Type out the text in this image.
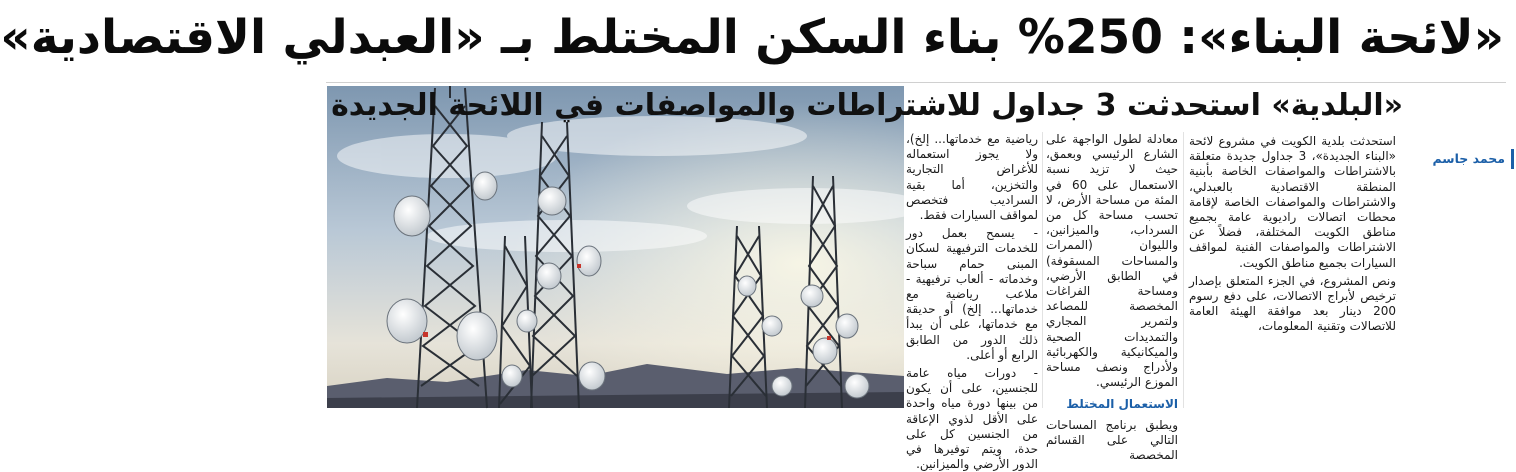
«لائحة البناء»: 250% بناء السكن المختلط بـ «العبدلي الاقتصادية»
«البلدية» استحدثت 3 جداول للاشتراطات والمواصفات في اللائحة الجديدة
محمد جاسم

استحدثت بلدية الكويت في مشروع لائحة «البناء الجديدة»، 3 جداول جديدة متعلقة بالاشتراطات والمواصفات الخاصة بأبنية المنطقة الاقتصادية بالعبدلي، والاشتراطات والمواصفات الخاصة لإقامة محطات اتصالات راديوية عامة بجميع مناطق الكويت المختلفة، فضلاً عن الاشتراطات والمواصفات الفنية لمواقف السيارات بجميع مناطق الكويت.

ونص المشروع، في الجزء المتعلق بإصدار ترخيص لأبراج الاتصالات، على دفع رسوم 200 دينار بعد موافقة الهيئة العامة للاتصالات وتقنية المعلومات،

معادلة لطول الواجهة على الشارع الرئيسي وبعمق، حيث لا تزيد نسبة الاستعمال على 60 في المئة من مساحة الأرض، لا تحسب مساحة كل من السرداب، والميزانين، والليوان (الممرات والمساحات المسقوفة) في الطابق الأرضي، ومساحة الفراغات المخصصة للمصاعد ولتمرير المجاري والتمديدات الصحية والميكانيكية والكهربائية ولأدراج ونصف مساحة الموزع الرئيسي.

الاستعمال المختلط

ويطبق برنامج المساحات التالي على القسائم المخصصة

رياضية مع خدماتها... إلخ)، ولا يجوز استعماله للأغراض التجارية والتخزين، أما بقية السراديب فتخصص لمواقف السيارات فقط.

- يسمح بعمل دور للخدمات الترفيهية لسكان المبنى حمام سباحة وخدماته - ألعاب ترفيهية - ملاعب رياضية مع خدماتها... إلخ) أو حديقة مع خدماتها، على أن يبدأ ذلك الدور من الطابق الرابع أو أعلى.

- دورات مياه عامة للجنسين، على أن يكون من بينها دورة مياه واحدة على الأقل لذوي الإعاقة من الجنسين كل على حدة، ويتم توفيرها في الدور الأرضي والميزانين.
